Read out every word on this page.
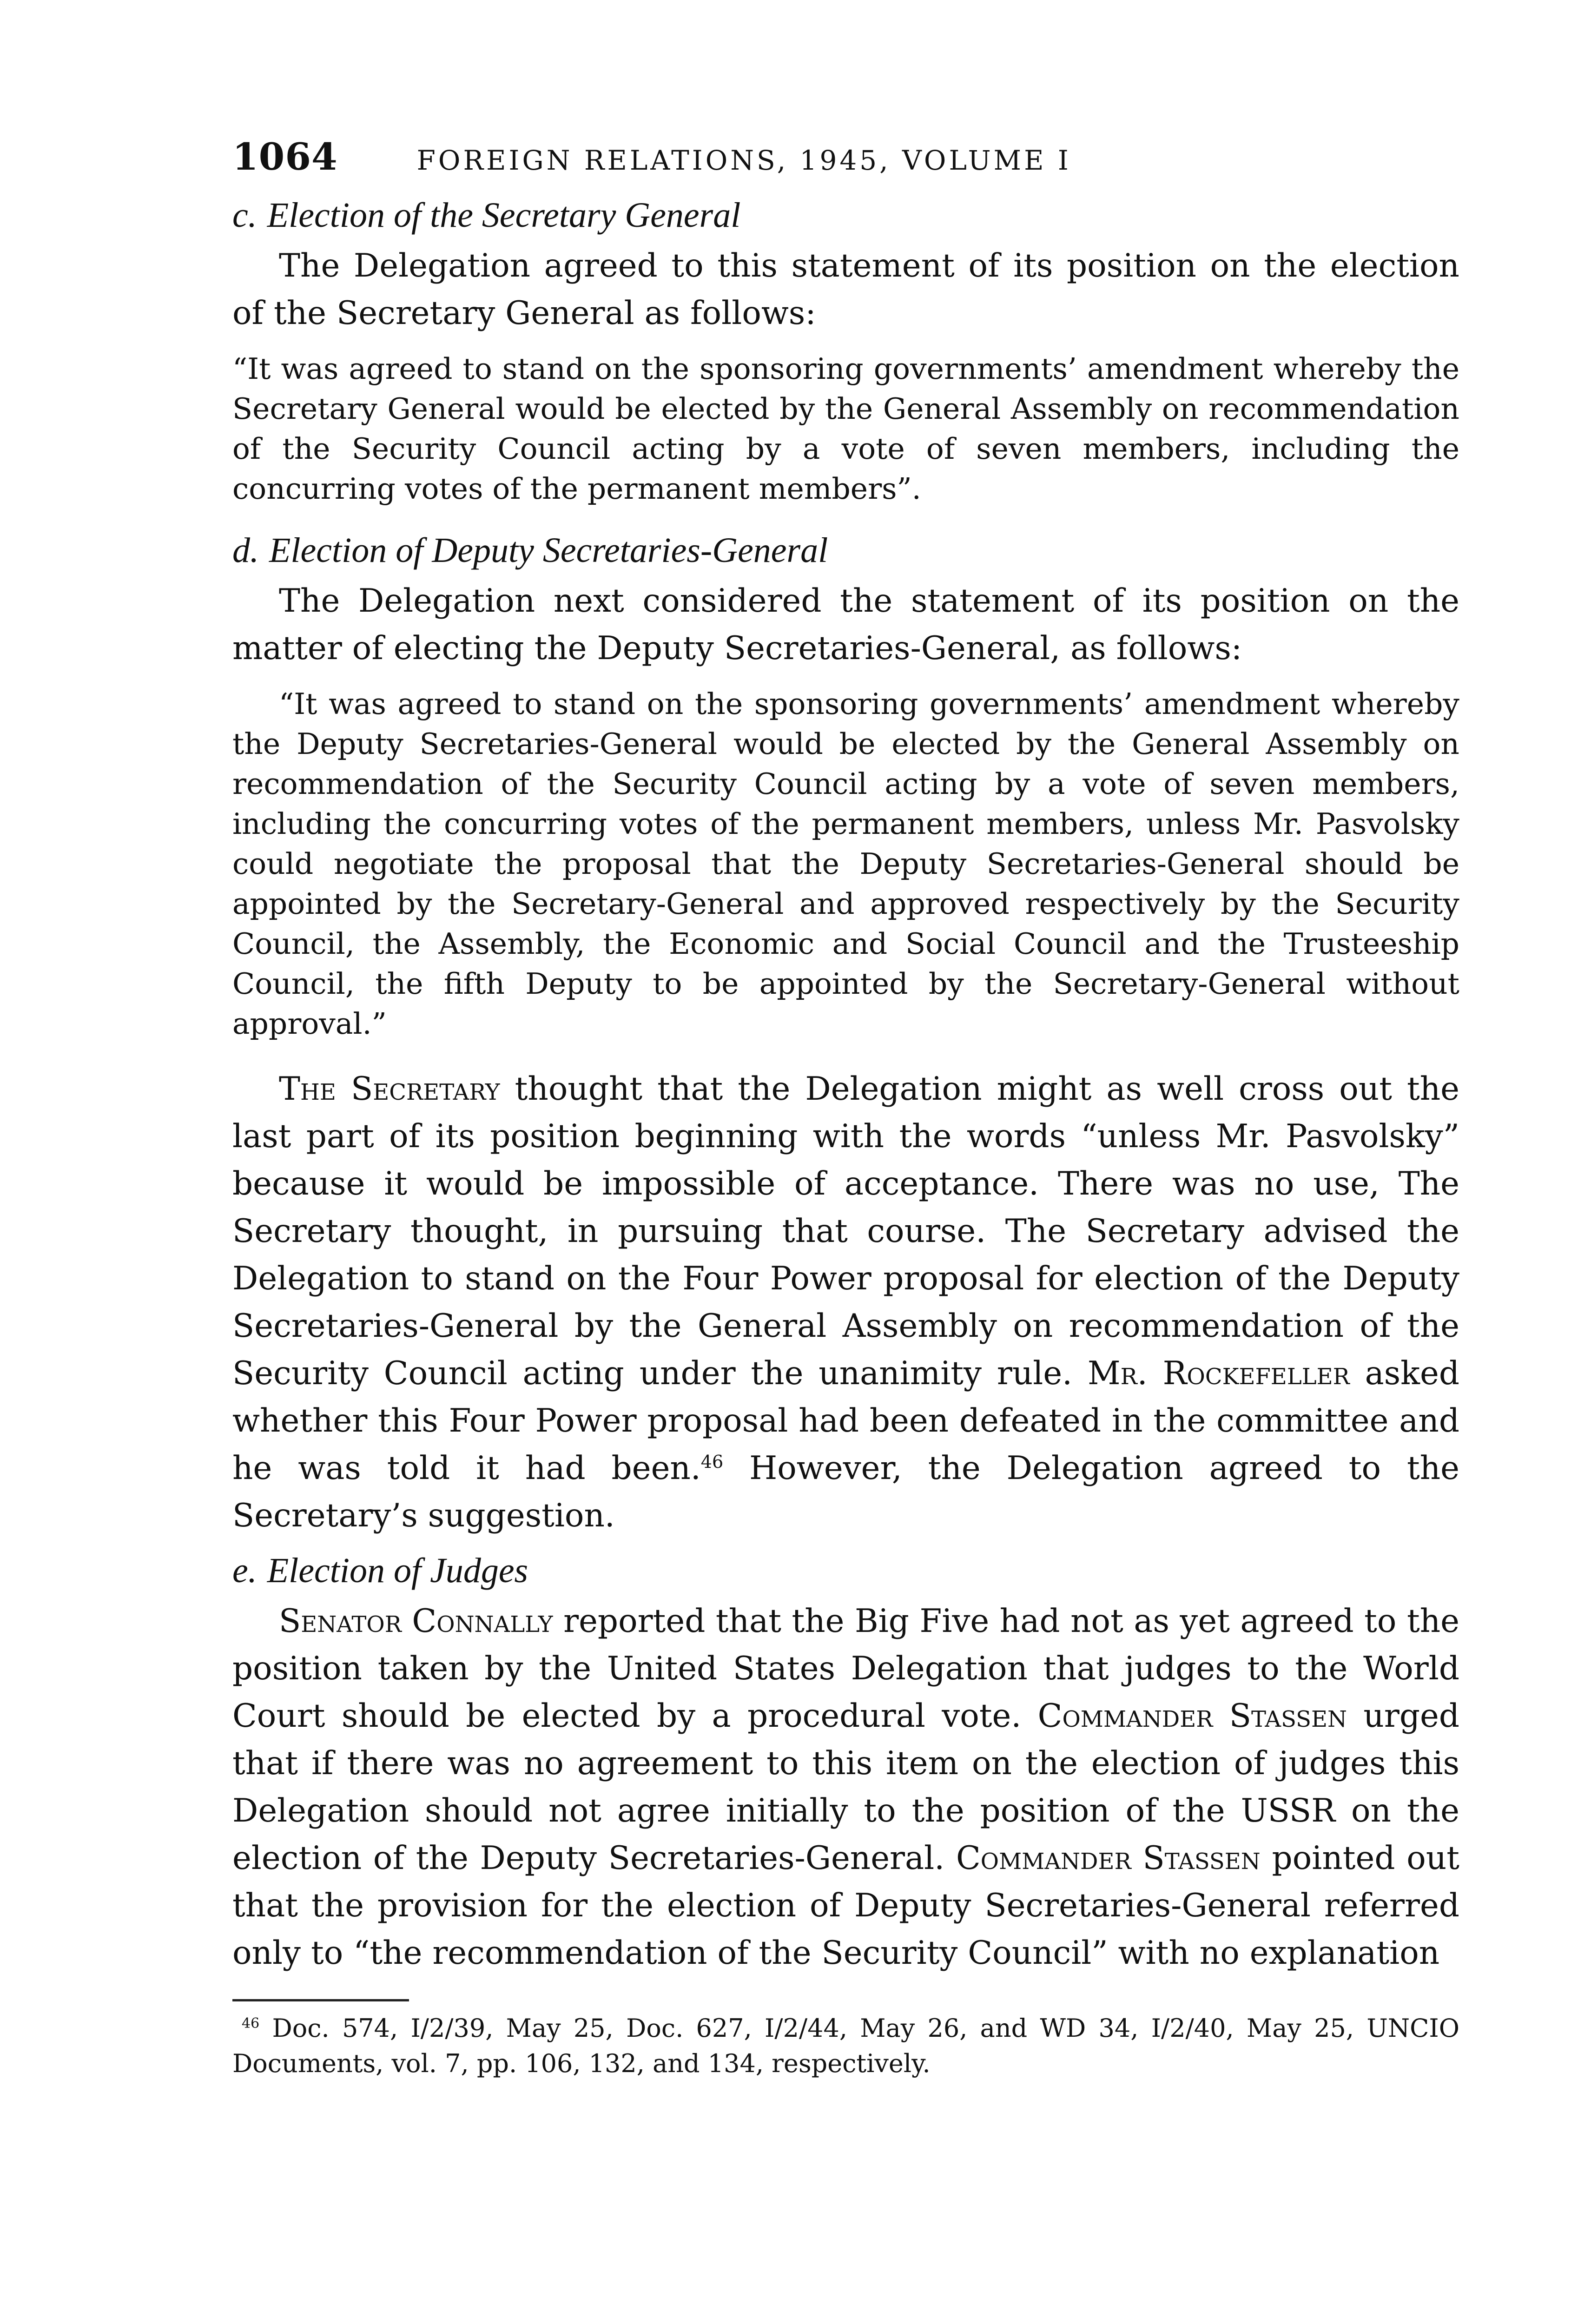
1064	FOREIGN RELATIONS, 1945, VOLUME I
c. Election of the Secretary General

The Delegation agreed to this statement of its position on the election of the Secretary General as follows:

“It was agreed to stand on the sponsoring governments’ amendment whereby the Secretary General would be elected by the General Assembly on recommendation of the Security Council acting by a vote of seven members, including the concurring votes of the permanent members”.
d. Election of Deputy Secretaries-General

The Delegation next considered the statement of its position on the matter of electing the Deputy Secretaries-General, as follows:

“It was agreed to stand on the sponsoring governments’ amendment whereby the Deputy Secretaries-General would be elected by the General Assembly on recommendation of the Security Council acting by a vote of seven members, including the concurring votes of the permanent members, unless Mr. Pasvolsky could negotiate the proposal that the Deputy Secretaries-General should be appointed by the Secretary-General and approved respectively by the Security Council, the Assembly, the Economic and Social Council and the Trusteeship Council, the fifth Deputy to be appointed by the Secretary-General without approval.”

The Secretary thought that the Delegation might as well cross out the last part of its position beginning with the words “unless Mr. Pasvolsky” because it would be impossible of acceptance. There was no use, The Secretary thought, in pursuing that course. The Secretary advised the Delegation to stand on the Four Power proposal for election of the Deputy Secretaries-General by the General Assembly on recommendation of the Security Council acting under the unanimity rule. Mr. Rockefeller asked whether this Four Power proposal had been defeated in the committee and he was told it had been.$^{46}$ However, the Delegation agreed to the Secretary’s suggestion.

e. Election of Judges

Senator Connally reported that the Big Five had not as yet agreed to the position taken by the United States Delegation that judges to the World Court should be elected by a procedural vote. Commander Stassen urged that if there was no agreement to this item on the election of judges this Delegation should not agree initially to the position of the USSR on the election of the Deputy Secretaries-General. Commander Stassen pointed out that the provision for the election of Deputy Secretaries-General referred only to “the recommendation of the Security Council” with no explanation

$^{46}$ Doc. 574, I/2/39, May 25, Doc. 627, I/2/44, May 26, and WD 34, I/2/40, May 25, UNCIO Documents, vol. 7, pp. 106, 132, and 134, respectively.
